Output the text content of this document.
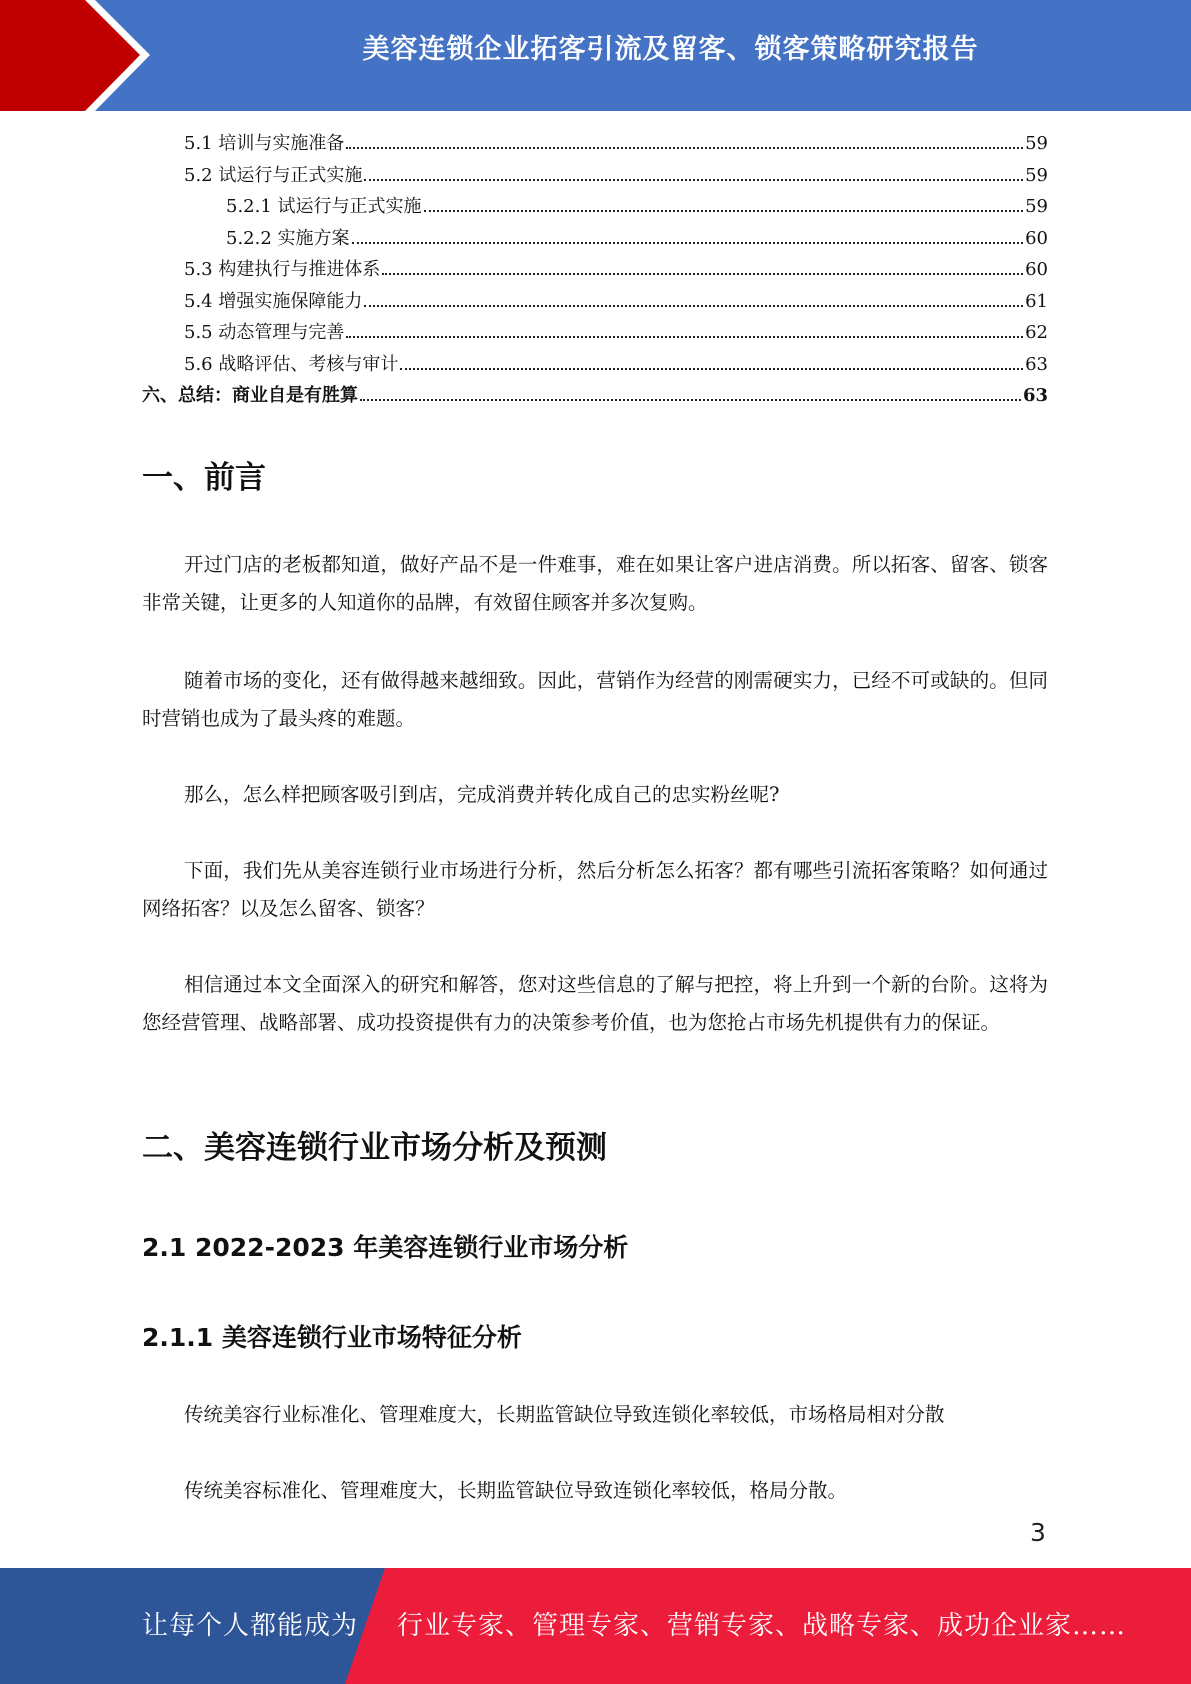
美容连锁企业拓客引流及留客、锁客策略研究报告
5.1 培训与实施准备	59
5.2 试运行与正式实施	59
5.2.1 试运行与正式实施	59
5.2.2 实施方案	60
5.3 构建执行与推进体系	60
5.4 增强实施保障能力	61
5.5 动态管理与完善	62
5.6 战略评估、考核与审计	63
六、总结：商业自是有胜算	63
一、前言

开过门店的老板都知道，做好产品不是一件难事，难在如果让客户进店消费。所以拓客、留客、锁客非常关键，让更多的人知道你的品牌，有效留住顾客并多次复购。

随着市场的变化，还有做得越来越细致。因此，营销作为经营的刚需硬实力，已经不可或缺的。但同时营销也成为了最头疼的难题。

那么，怎么样把顾客吸引到店，完成消费并转化成自己的忠实粉丝呢?

下面，我们先从美容连锁行业市场进行分析，然后分析怎么拓客？都有哪些引流拓客策略？如何通过网络拓客？以及怎么留客、锁客？

相信通过本文全面深入的研究和解答，您对这些信息的了解与把控，将上升到一个新的台阶。这将为您经营管理、战略部署、成功投资提供有力的决策参考价值，也为您抢占市场先机提供有力的保证。

二、美容连锁行业市场分析及预测
2.1 2022-2023 年美容连锁行业市场分析
2.1.1 美容连锁行业市场特征分析

传统美容行业标准化、管理难度大，长期监管缺位导致连锁化率较低，市场格局相对分散

传统美容标准化、管理难度大，长期监管缺位导致连锁化率较低，格局分散。

3
让每个人都能成为 行业专家、管理专家、营销专家、战略专家、成功企业家……
